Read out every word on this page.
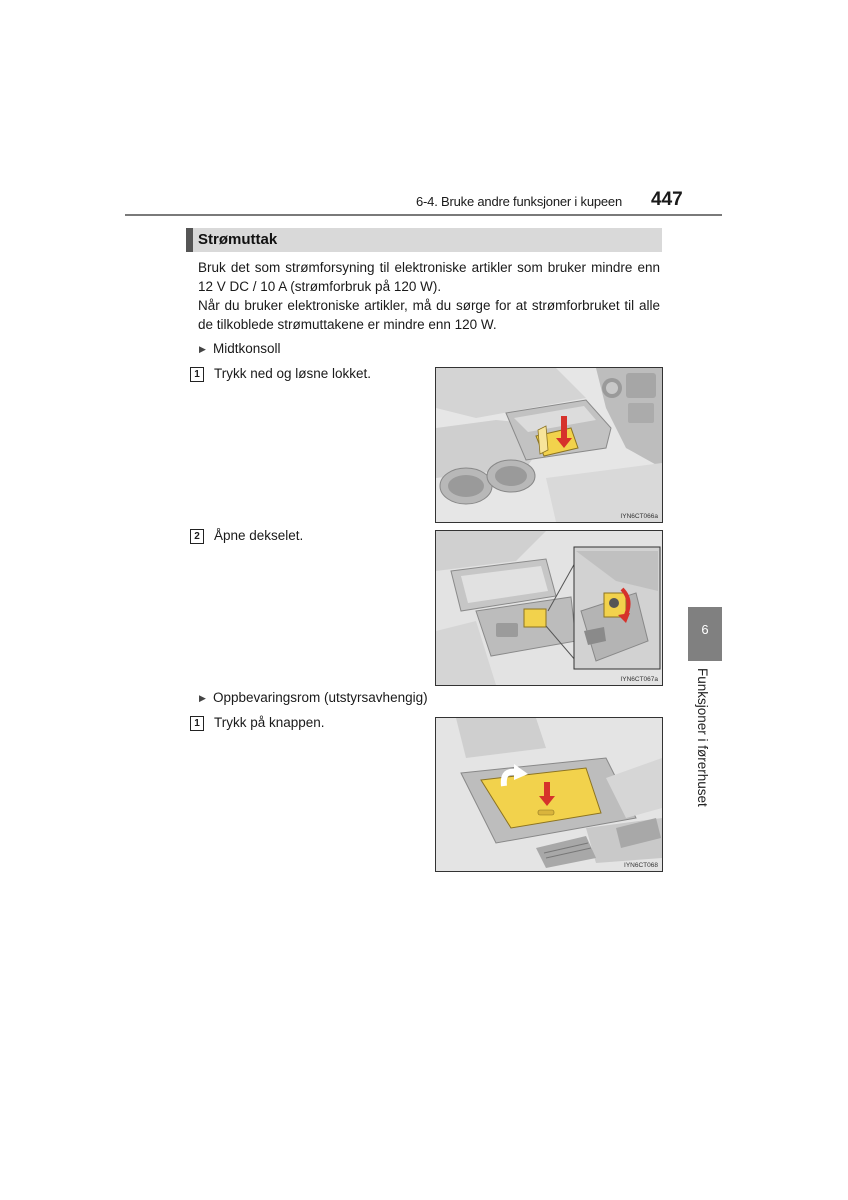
6-4. Bruke andre funksjoner i kupeen 447
Strømuttak

Bruk det som strømforsyning til elektroniske artikler som bruker mindre enn 12 V DC / 10 A (strømforbruk på 120 W).

Når du bruker elektroniske artikler, må du sørge for at strømforbruket til alle de tilkoblede strømuttakene er mindre enn 120 W.

▶ Midtkonsoll
1	Trykk ned og løsne lokket.
IYN6CT066a
2	Åpne dekselet.
IYN6CT067a
▶ Oppbevaringsrom (utstyrsavhengig)
1	Trykk på knappen.
IYN6CT068
6
Funksjoner i førerhuset
